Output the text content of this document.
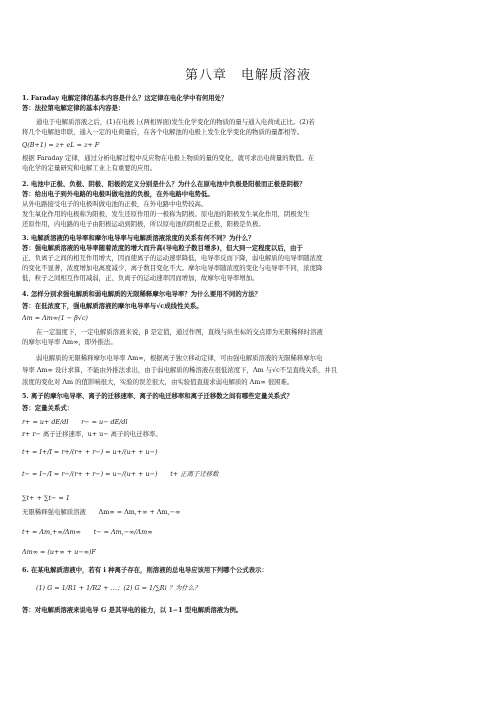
第八章　电解质溶液
1. Faraday 电解定律的基本内容是什么？这定律在电化学中有何用处？
答：法拉第电解定律的基本内容是：
通电于电解质溶液之后，(1)在电极上(两相界面)发生化学变化的物质的量与通入电荷成正比。(2)若
将几个电解池串联，通入一定的电荷量后，在各个电解池的电极上发生化学变化的物质的量都相等。
Q(B+1) = z+ eL = z+ F
根据 Faraday 定律，通过分析电解过程中反应物在电极上物质的量的变化，就可求出电荷量的数值。在
电化学的定量研究和电解工业上有重要的应用。
2. 电池中正极、负极、阴极、阳极的定义分别是什么？为什么在原电池中负极是阳极而正极是阴极？
答：给出电子到外电路的电极叫做电池的负极，在外电路中电势低。
从外电路接受电子的电极叫做电池的正极，在外电路中电势较高。
发生氧化作用的电极称为阳极，发生还原作用的一极称为阴极。原电池的阳极发生氧化作用，阴极发生
还原作用，内电路的电子由阳极运动到阴极，所以原电池的阴极是正极，阳极是负极。
3. 电解质溶液的电导率和摩尔电导率与电解质溶液浓度的关系有何不同？为什么？
答：强电解质溶液的电导率随着浓度的增大而升高(导电粒子数目增多)，但大到一定程度以后，由于
正、负离子之间的相互作用增大，因而使离子的运动速率降低，电导率反而下降，弱电解质的电导率随浓度
的变化不显著，浓度增加电离度减少，离子数目变化不大。摩尔电导率随浓度的变化与电导率不同，浓度降
低，粒子之间相互作用减弱，正、负离子的运动速率因而增加，故摩尔电导率增加。
4. 怎样分别求强电解质和弱电解质的无限稀释摩尔电导率？为什么要用不同的方法？
答：在低浓度下，强电解质溶液的摩尔电导率与√c成线性关系。
Λm = Λm∞(1 − β√c)
在一定温度下，一定电解质溶液来说，β 是定值，通过作图，直线与纵坐标的交点即为无限稀释时溶液
的摩尔电导率 Λm∞，即外推法。
弱电解质的无限稀释摩尔电导率 Λm∞，根据离子独立移动定律，可由强电解质溶液的无限稀释摩尔电
导率 Λm∞ 设计求算，不能由外推法求出，由于弱电解质的稀溶液在很低浓度下，Λm 与√c不呈直线关系，并且
浓度的变化对 Λm 的值影响很大，实验的误差很大，由实验值直接求弱电解质的 Λm∞ 很困难。
5. 离子的摩尔电导率、离子的迁移速率、离子的电迁移率和离子迁移数之间有哪些定量关系式？
答：定量关系式：
r+ = u+ dE/dl　　r− = u− dE/dl
r+ r− 离子迁移速率，u+ u− 离子的电迁移率。
t+ = I+/I = r+/(r+ + r−) = u+/(u+ + u−)
t− = I−/I = r−/(r+ + r−) = u−/(u+ + u−)　　t+ 正离子迁移数
∑t+ + ∑t− = 1
无限稀释强电解质溶液　　Λm∞ = Λm,+∞ + Λm,−∞
t+ = Λm,+∞/Λm∞　　t− = Λm,−∞/Λm∞
Λm∞ = (u+∞ + u−∞)F
6. 在某电解质溶液中，若有 i 种离子存在，则溶液的总电导应该用下列哪个公式表示：
(1) G = 1/R1 + 1/R2 + …；(2) G = 1/∑Ri ？为什么？
答：对电解质溶液来说电导 G 是其导电的能力，以 1−1 型电解质溶液为例。
